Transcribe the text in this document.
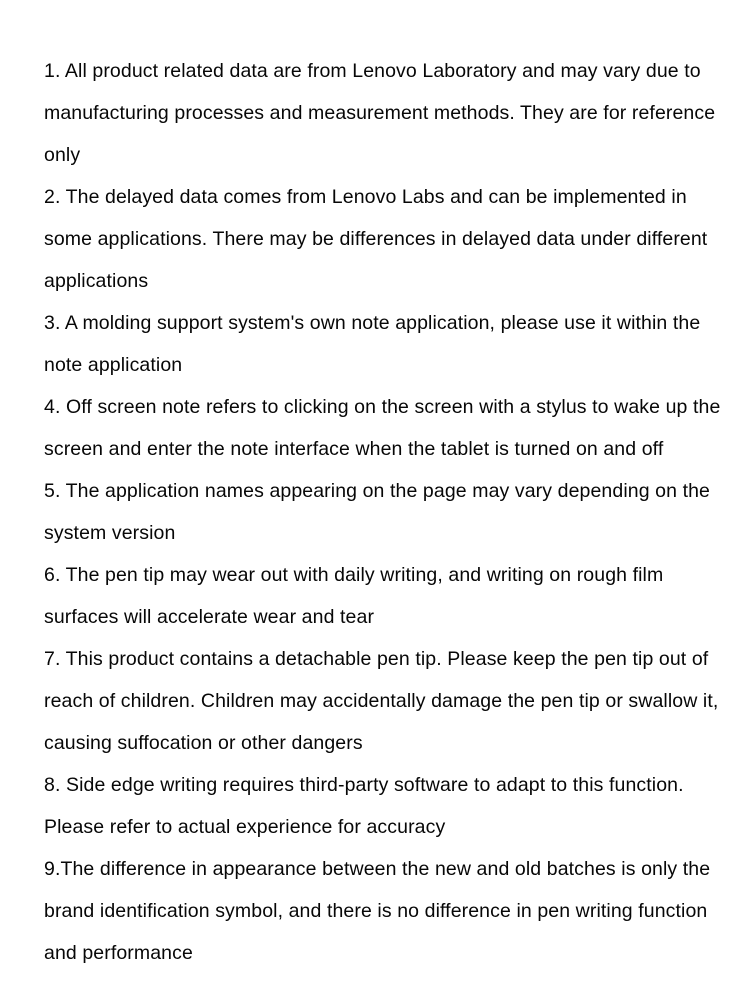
1. All product related data are from Lenovo Laboratory and may vary due to
manufacturing processes and measurement methods. They are for reference
only
2. The delayed data comes from Lenovo Labs and can be implemented in
some applications. There may be differences in delayed data under different
applications
3. A molding support system's own note application, please use it within the
note application
4. Off screen note refers to clicking on the screen with a stylus to wake up the
screen and enter the note interface when the tablet is turned on and off
5. The application names appearing on the page may vary depending on the
system version
6. The pen tip may wear out with daily writing, and writing on rough film
surfaces will accelerate wear and tear
7. This product contains a detachable pen tip. Please keep the pen tip out of
reach of children. Children may accidentally damage the pen tip or swallow it,
causing suffocation or other dangers
8. Side edge writing requires third-party software to adapt to this function.
Please refer to actual experience for accuracy
9.The difference in appearance between the new and old batches is only the
brand identification symbol, and there is no difference in pen writing function
and performance
